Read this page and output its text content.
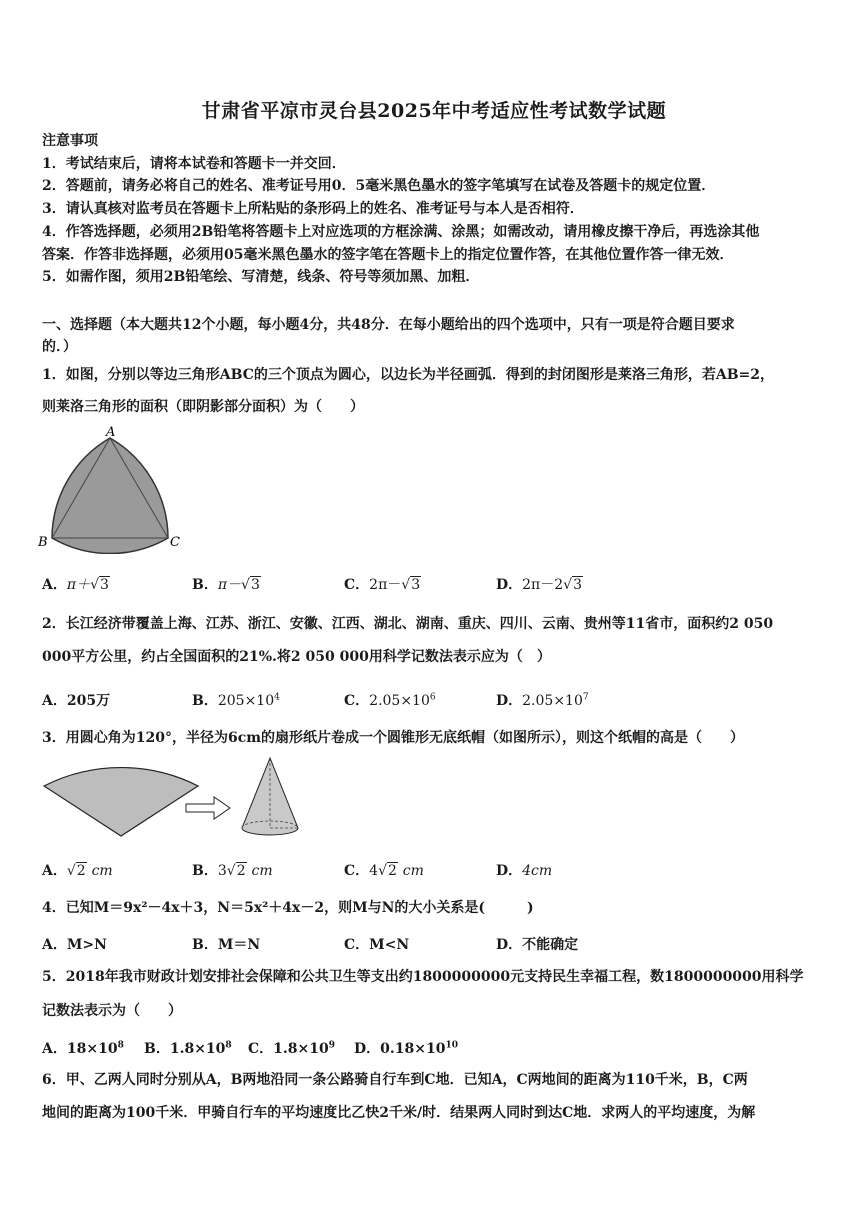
甘肃省平凉市灵台县2025年中考适应性考试数学试题
注意事项
1．考试结束后，请将本试卷和答题卡一并交回．
2．答题前，请务必将自己的姓名、准考证号用0．5毫米黑色墨水的签字笔填写在试卷及答题卡的规定位置．
3．请认真核对监考员在答题卡上所粘贴的条形码上的姓名、准考证号与本人是否相符．
4．作答选择题，必须用2B铅笔将答题卡上对应选项的方框涂满、涂黑；如需改动，请用橡皮擦干净后，再选涂其他
答案．作答非选择题，必须用05毫米黑色墨水的签字笔在答题卡上的指定位置作答，在其他位置作答一律无效．
5．如需作图，须用2B铅笔绘、写清楚，线条、符号等须加黑、加粗．
一、选择题（本大题共12个小题，每小题4分，共48分．在每小题给出的四个选项中，只有一项是符合题目要求
的．）
1．如图，分别以等边三角形ABC的三个顶点为圆心，以边长为半径画弧．得到的封闭图形是莱洛三角形，若AB=2，
则莱洛三角形的面积（即阴影部分面积）为（　　）
A
B	C
A．π＋√3	B．π－√3	C．2π－√3	D．2π－2√3
2．长江经济带覆盖上海、江苏、浙江、安徽、江西、湖北、湖南、重庆、四川、云南、贵州等11省市，面积约2 050
000平方公里，约占全国面积的21%.将2 050 000用科学记数法表示应为（　）
A．205万	B．$205\times 10^4$	C．$2.05\times 10^6$	D．$2.05\times 10^7$
3．用圆心角为120°，半径为6cm的扇形纸片卷成一个圆锥形无底纸帽（如图所示），则这个纸帽的高是（　　）
A．√2 cm	B．3√2 cm	C．4√2 cm	D．4cm
4．已知M＝9x²－4x＋3，N＝5x²＋4x－2，则M与N的大小关系是(　　　)
A．M>N	B．M＝N	C．M<N	D．不能确定
5．2018年我市财政计划安排社会保障和公共卫生等支出约1800000000元支持民生幸福工程，数1800000000用科学
记数法表示为（　　）
A．$18\times 10^8$ B．$1.8\times 10^8$ C．$1.8\times 10^9$ D．$0.18\times 10^{10}$
6．甲、乙两人同时分别从A，B两地沿同一条公路骑自行车到C地．已知A，C两地间的距离为110千米，B，C两
地间的距离为100千米．甲骑自行车的平均速度比乙快2千米/时．结果两人同时到达C地．求两人的平均速度，为解
